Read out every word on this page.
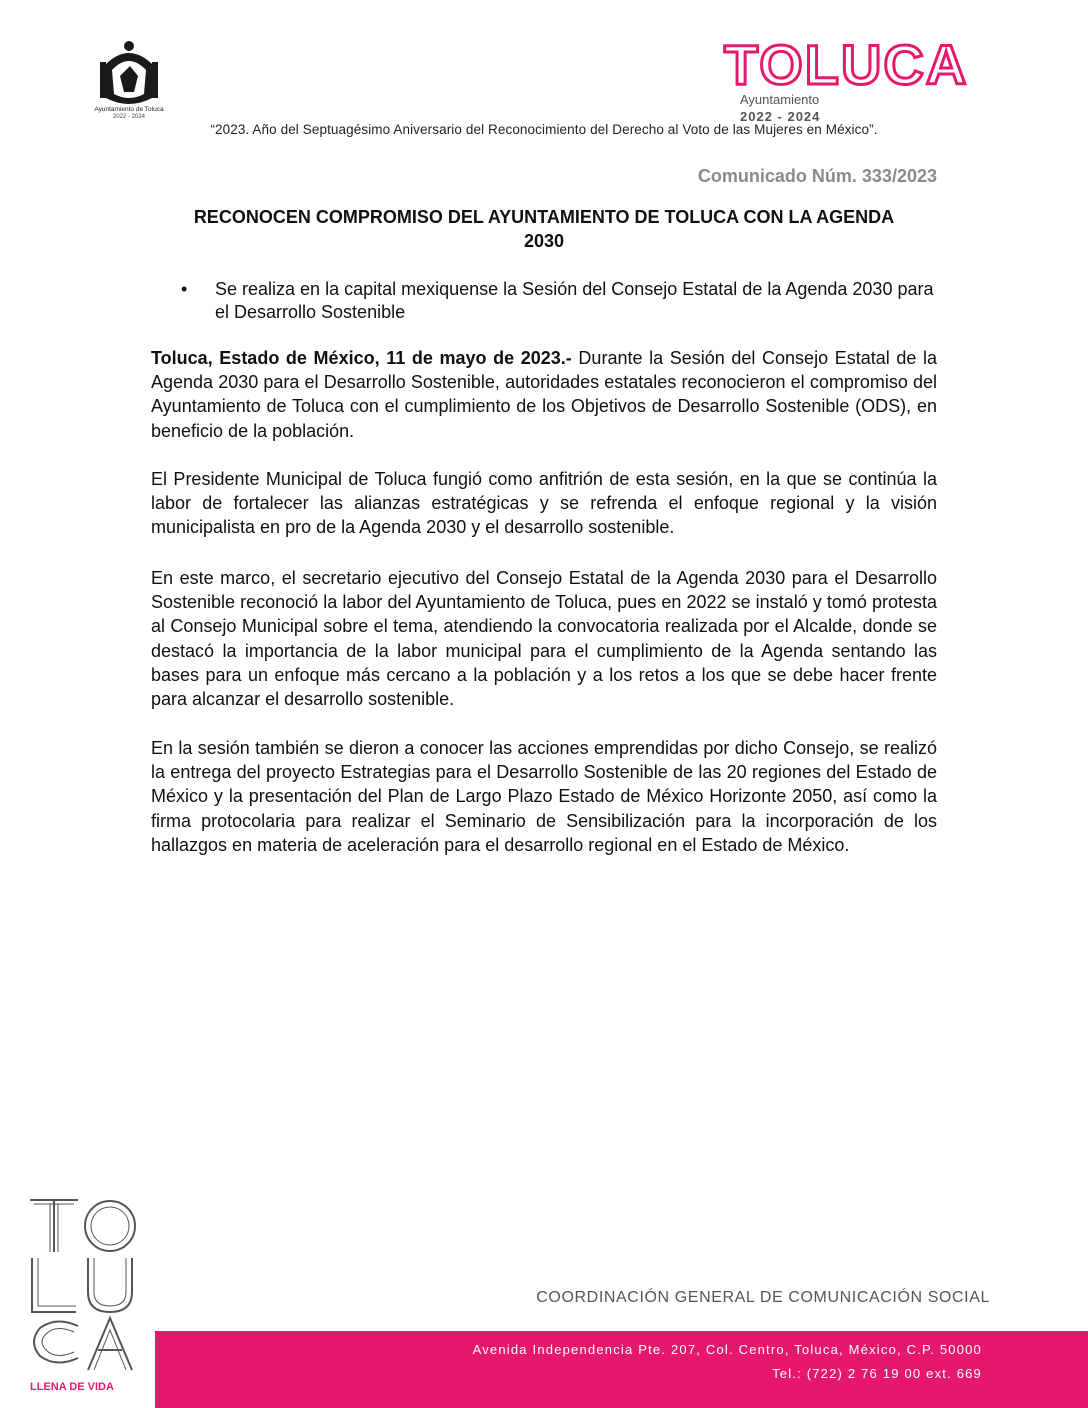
Ayuntamiento de Toluca
2022 - 2024
TOLUCA
Ayuntamiento
2022 - 2024
“2023. Año del Septuagésimo Aniversario del Reconocimiento del Derecho al Voto de las Mujeres en México”.
Comunicado Núm. 333/2023
RECONOCEN COMPROMISO DEL AYUNTAMIENTO DE TOLUCA CON LA AGENDA
2030
• Se realiza en la capital mexiquense la Sesión del Consejo Estatal de la Agenda 2030 para el Desarrollo Sostenible

Toluca, Estado de México, 11 de mayo de 2023.- Durante la Sesión del Consejo Estatal de la Agenda 2030 para el Desarrollo Sostenible, autoridades estatales reconocieron el compromiso del Ayuntamiento de Toluca con el cumplimiento de los Objetivos de Desarrollo Sostenible (ODS), en beneficio de la población.

El Presidente Municipal de Toluca fungió como anfitrión de esta sesión, en la que se continúa la labor de fortalecer las alianzas estratégicas y se refrenda el enfoque regional y la visión municipalista en pro de la Agenda 2030 y el desarrollo sostenible.

En este marco, el secretario ejecutivo del Consejo Estatal de la Agenda 2030 para el Desarrollo Sostenible reconoció la labor del Ayuntamiento de Toluca, pues en 2022 se instaló y tomó protesta al Consejo Municipal sobre el tema, atendiendo la convocatoria realizada por el Alcalde, donde se destacó la importancia de la labor municipal para el cumplimiento de la Agenda sentando las bases para un enfoque más cercano a la población y a los retos a los que se debe hacer frente para alcanzar el desarrollo sostenible.

En la sesión también se dieron a conocer las acciones emprendidas por dicho Consejo, se realizó la entrega del proyecto Estrategias para el Desarrollo Sostenible de las 20 regiones del Estado de México y la presentación del Plan de Largo Plazo Estado de México Horizonte 2050, así como la firma protocolaria para realizar el Seminario de Sensibilización para la incorporación de los hallazgos en materia de aceleración para el desarrollo regional en el Estado de México.

LLENA DE VIDA
COORDINACIÓN GENERAL DE COMUNICACIÓN SOCIAL
Avenida Independencia Pte. 207, Col. Centro, Toluca, México, C.P. 50000
Tel.: (722) 2 76 19 00 ext. 669
